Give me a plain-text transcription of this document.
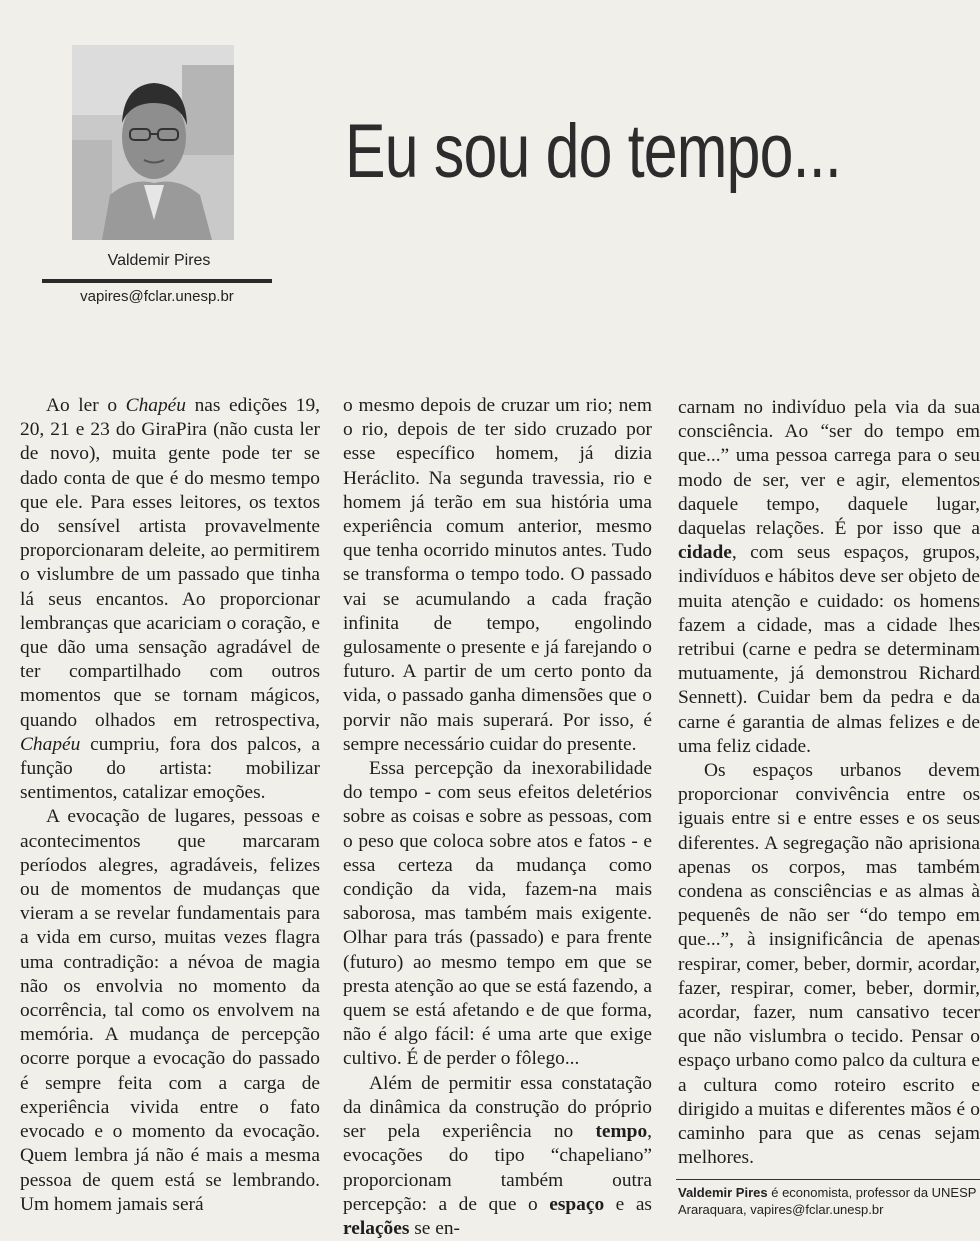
Valdemir Pires
vapires@fclar.unesp.br
Eu sou do tempo...

Ao ler o Chapéu nas edições 19, 20, 21 e 23 do GiraPira (não custa ler de novo), muita gente pode ter se dado conta de que é do mesmo tempo que ele. Para esses leitores, os textos do sensível artista provavelmente proporcionaram deleite, ao permitirem o vislumbre de um passado que tinha lá seus encantos. Ao proporcionar lembranças que acariciam o coração, e que dão uma sensação agradável de ter compartilhado com outros momentos que se tornam mágicos, quando olhados em retrospectiva, Chapéu cumpriu, fora dos palcos, a função do artista: mobilizar sentimentos, catalizar emoções.

A evocação de lugares, pessoas e acontecimentos que marcaram períodos alegres, agradáveis, felizes ou de momentos de mudanças que vieram a se revelar fundamentais para a vida em curso, muitas vezes flagra uma contradição: a névoa de magia não os envolvia no momento da ocorrência, tal como os envolvem na memória. A mudança de percepção ocorre porque a evocação do passado é sempre feita com a carga de experiência vivida entre o fato evocado e o momento da evocação. Quem lembra já não é mais a mesma pessoa de quem está se lembrando. Um homem jamais será

o mesmo depois de cruzar um rio; nem o rio, depois de ter sido cruzado por esse específico homem, já dizia Heráclito. Na segunda travessia, rio e homem já terão em sua história uma experiência comum anterior, mesmo que tenha ocorrido minutos antes. Tudo se transforma o tempo todo. O passado vai se acumulando a cada fração infinita de tempo, engolindo gulosamente o presente e já farejando o futuro. A partir de um certo ponto da vida, o passado ganha dimensões que o porvir não mais superará. Por isso, é sempre necessário cuidar do presente.

Essa percepção da inexorabilidade do tempo - com seus efeitos deletérios sobre as coisas e sobre as pessoas, com o peso que coloca sobre atos e fatos - e essa certeza da mudança como condição da vida, fazem-na mais saborosa, mas também mais exigente. Olhar para trás (passado) e para frente (futuro) ao mesmo tempo em que se presta atenção ao que se está fazendo, a quem se está afetando e de que forma, não é algo fácil: é uma arte que exige cultivo. É de perder o fôlego...

Além de permitir essa constatação da dinâmica da construção do próprio ser pela experiência no tempo, evocações do tipo “chapeliano” proporcionam também outra percepção: a de que o espaço e as relações se en-

carnam no indivíduo pela via da sua consciência. Ao “ser do tempo em que...” uma pessoa carrega para o seu modo de ser, ver e agir, elementos daquele tempo, daquele lugar, daquelas relações. É por isso que a cidade, com seus espaços, grupos, indivíduos e hábitos deve ser objeto de muita atenção e cuidado: os homens fazem a cidade, mas a cidade lhes retribui (carne e pedra se determinam mutuamente, já demonstrou Richard Sennett). Cuidar bem da pedra e da carne é garantia de almas felizes e de uma feliz cidade.

Os espaços urbanos devem proporcionar convivência entre os iguais entre si e entre esses e os seus diferentes. A segregação não aprisiona apenas os corpos, mas também condena as consciências e as almas à pequenês de não ser “do tempo em que...”, à insignificância de apenas respirar, comer, beber, dormir, acordar, fazer, respirar, comer, beber, dormir, acordar, fazer, num cansativo tecer que não vislumbra o tecido. Pensar o espaço urbano como palco da cultura e a cultura como roteiro escrito e dirigido a muitas e diferentes mãos é o caminho para que as cenas sejam melhores.

Valdemir Pires é economista, professor da UNESP Araraquara, vapires@fclar.unesp.br
